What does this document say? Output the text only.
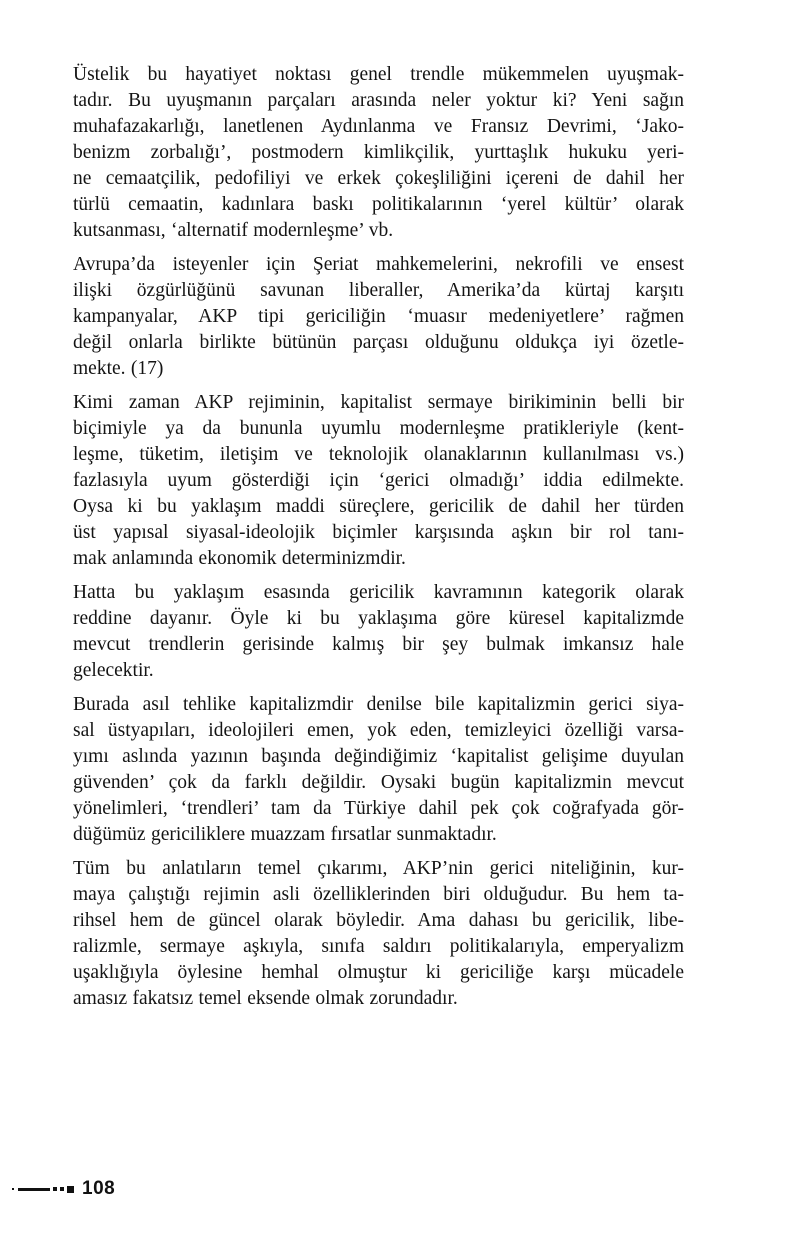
Üstelik bu hayatiyet noktası genel trendle mükemmelen uyuşmak-
tadır. Bu uyuşmanın parçaları arasında neler yoktur ki? Yeni sağın
muhafazakarlığı, lanetlenen Aydınlanma ve Fransız Devrimi, ‘Jako-
benizm zorbalığı’, postmodern kimlikçilik, yurttaşlık hukuku yeri-
ne cemaatçilik, pedofiliyi ve erkek çokeşliliğini içereni de dahil her
türlü cemaatin, kadınlara baskı politikalarının ‘yerel kültür’ olarak
kutsanması, ‘alternatif modernleşme’ vb.
Avrupa’da isteyenler için Şeriat mahkemelerini, nekrofili ve ensest
ilişki özgürlüğünü savunan liberaller, Amerika’da kürtaj karşıtı
kampanyalar, AKP tipi gericiliğin ‘muasır medeniyetlere’ rağmen
değil onlarla birlikte bütünün parçası olduğunu oldukça iyi özetle-
mekte. (17)
Kimi zaman AKP rejiminin, kapitalist sermaye birikiminin belli bir
biçimiyle ya da bununla uyumlu modernleşme pratikleriyle (kent-
leşme, tüketim, iletişim ve teknolojik olanaklarının kullanılması vs.)
fazlasıyla uyum gösterdiği için ‘gerici olmadığı’ iddia edilmekte.
Oysa ki bu yaklaşım maddi süreçlere, gericilik de dahil her türden
üst yapısal siyasal-ideolojik biçimler karşısında aşkın bir rol tanı-
mak anlamında ekonomik determinizmdir.
Hatta bu yaklaşım esasında gericilik kavramının kategorik olarak
reddine dayanır. Öyle ki bu yaklaşıma göre küresel kapitalizmde
mevcut trendlerin gerisinde kalmış bir şey bulmak imkansız hale
gelecektir.
Burada asıl tehlike kapitalizmdir denilse bile kapitalizmin gerici siya-
sal üstyapıları, ideolojileri emen, yok eden, temizleyici özelliği varsa-
yımı aslında yazının başında değindiğimiz ‘kapitalist gelişime duyulan
güvenden’ çok da farklı değildir. Oysaki bugün kapitalizmin mevcut
yönelimleri, ‘trendleri’ tam da Türkiye dahil pek çok coğrafyada gör-
düğümüz gericiliklere muazzam fırsatlar sunmaktadır.
Tüm bu anlatıların temel çıkarımı, AKP’nin gerici niteliğinin, kur-
maya çalıştığı rejimin asli özelliklerinden biri olduğudur. Bu hem ta-
rihsel hem de güncel olarak böyledir. Ama dahası bu gericilik, libe-
ralizmle, sermaye aşkıyla, sınıfa saldırı politikalarıyla, emperyalizm
uşaklığıyla öylesine hemhal olmuştur ki gericiliğe karşı mücadele
amasız fakatsız temel eksende olmak zorundadır.
108
